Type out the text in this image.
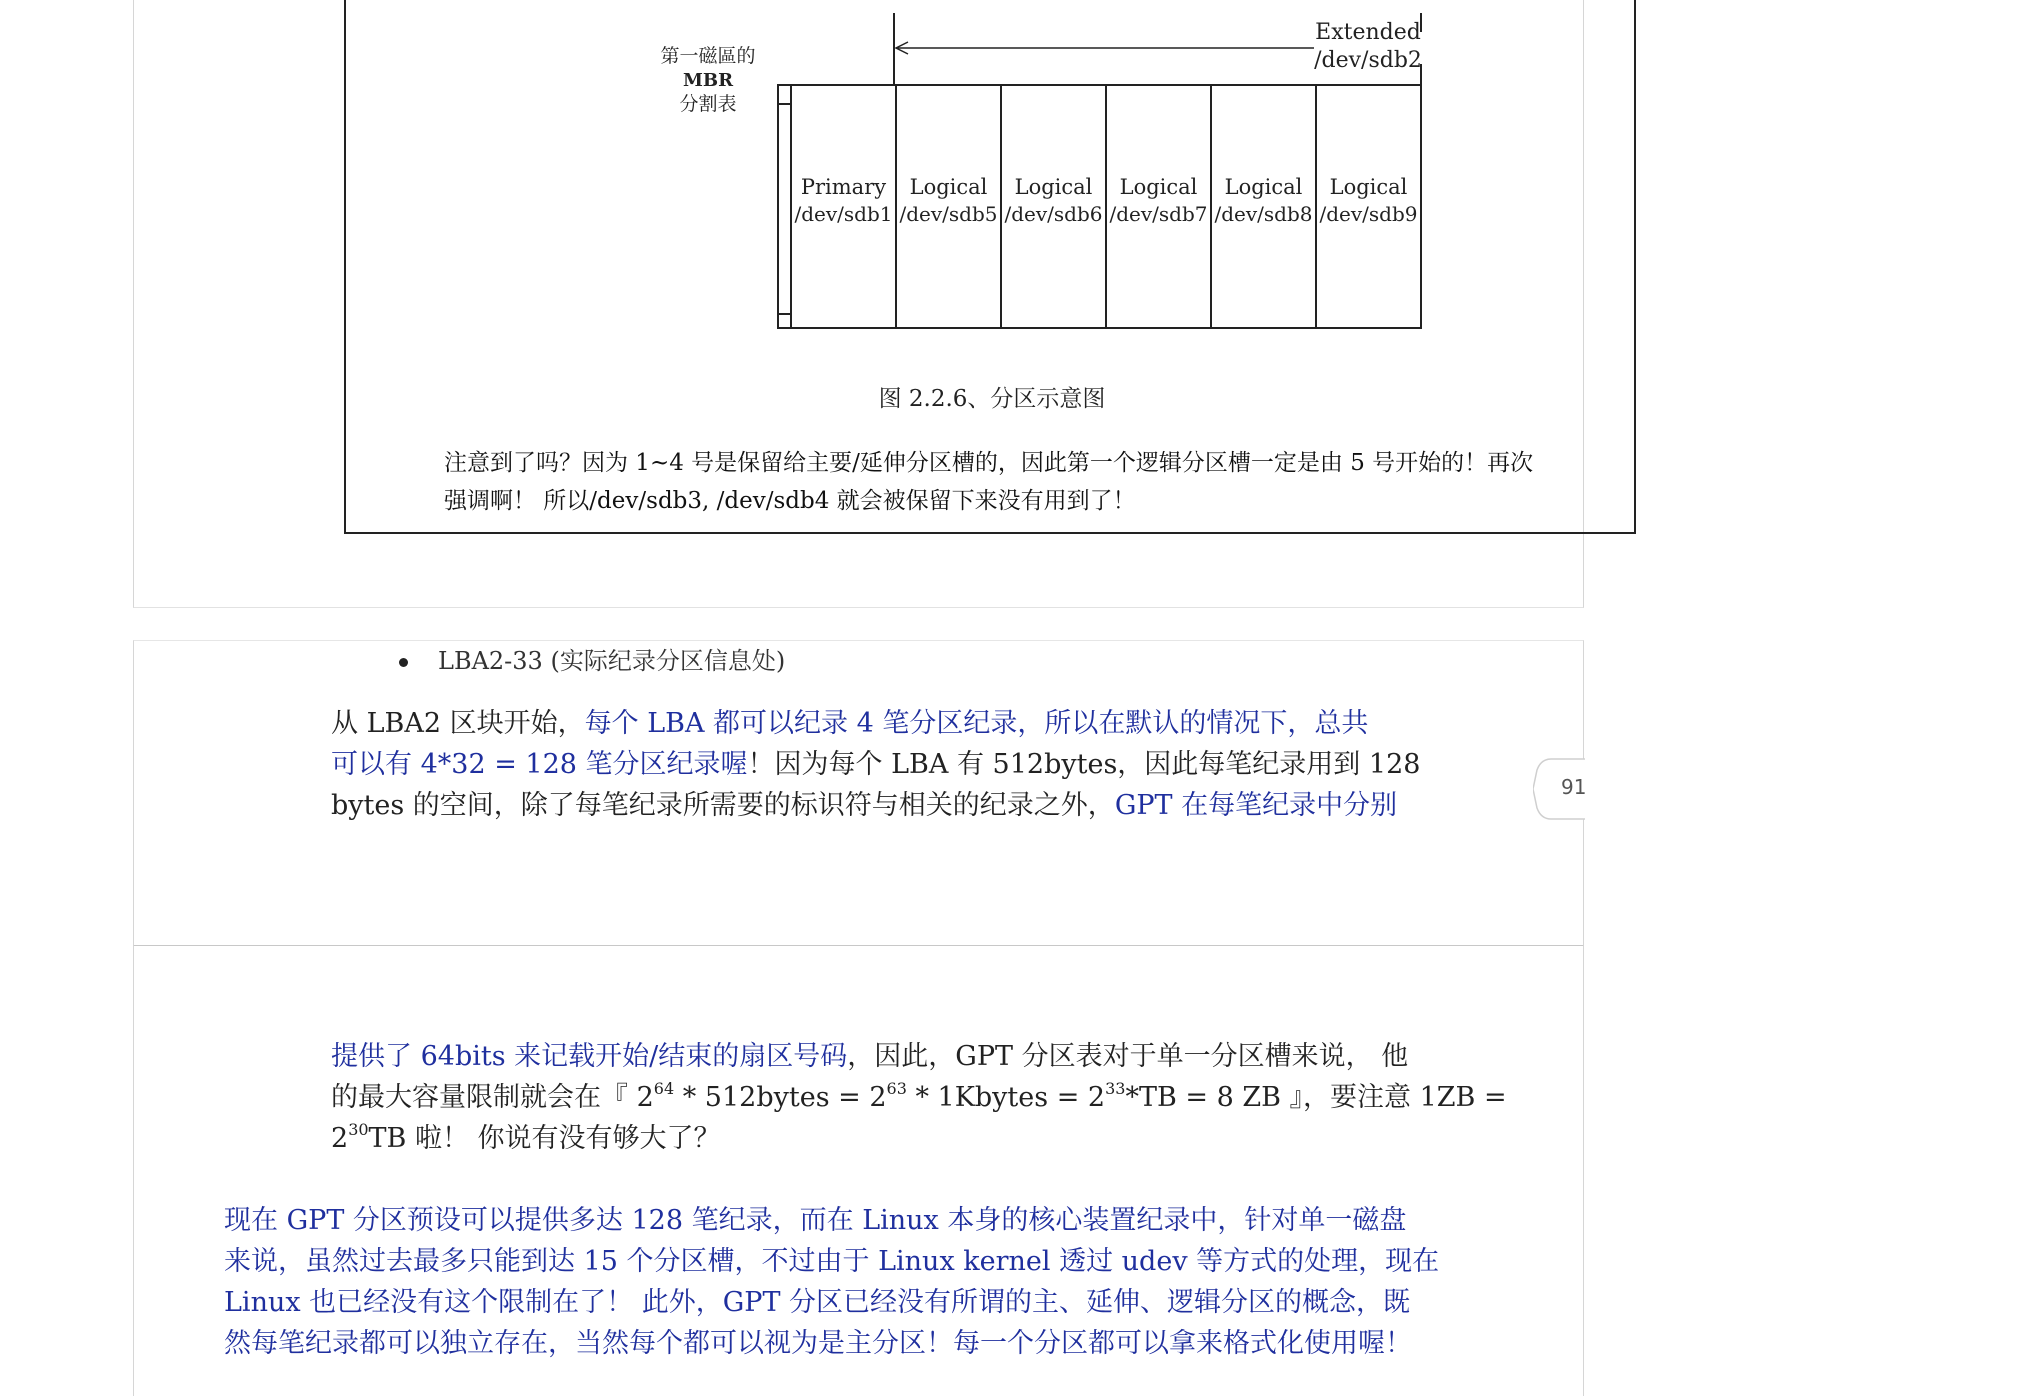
第一磁區的
MBR
分割表
Extended
/dev/sdb2
Primary
/dev/sdb1
Logical
/dev/sdb5
Logical
/dev/sdb6
Logical
/dev/sdb7
Logical
/dev/sdb8
Logical
/dev/sdb9
图 2.2.6、分区示意图
注意到了吗？因为 1~4 号是保留给主要/延伸分区槽的，因此第一个逻辑分区槽一定是由 5 号开始的！再次
强调啊！ 所以/dev/sdb3, /dev/sdb4 就会被保留下来没有用到了！
LBA2-33 (实际纪录分区信息处)
从 LBA2 区块开始，每个 LBA 都可以纪录 4 笔分区纪录，所以在默认的情况下，总共
可以有 4*32 = 128 笔分区纪录喔！因为每个 LBA 有 512bytes，因此每笔纪录用到 128
bytes 的空间，除了每笔纪录所需要的标识符与相关的纪录之外，GPT 在每笔纪录中分别
91
提供了 64bits 来记载开始/结束的扇区号码，因此，GPT 分区表对于单一分区槽来说， 他
的最大容量限制就会在『 $2^{64}$ * 512bytes = $2^{63}$ * 1Kbytes = $2^{33}*TB = 8$ ZB 』，要注意 1ZB =
$2^{30}TB$ 啦！ 你说有没有够大了？
现在 GPT 分区预设可以提供多达 128 笔纪录，而在 Linux 本身的核心装置纪录中，针对单一磁盘
来说，虽然过去最多只能到达 15 个分区槽，不过由于 Linux kernel 透过 udev 等方式的处理，现在
Linux 也已经没有这个限制在了！ 此外，GPT 分区已经没有所谓的主、延伸、逻辑分区的概念，既
然每笔纪录都可以独立存在，当然每个都可以视为是主分区！每一个分区都可以拿来格式化使用喔！
